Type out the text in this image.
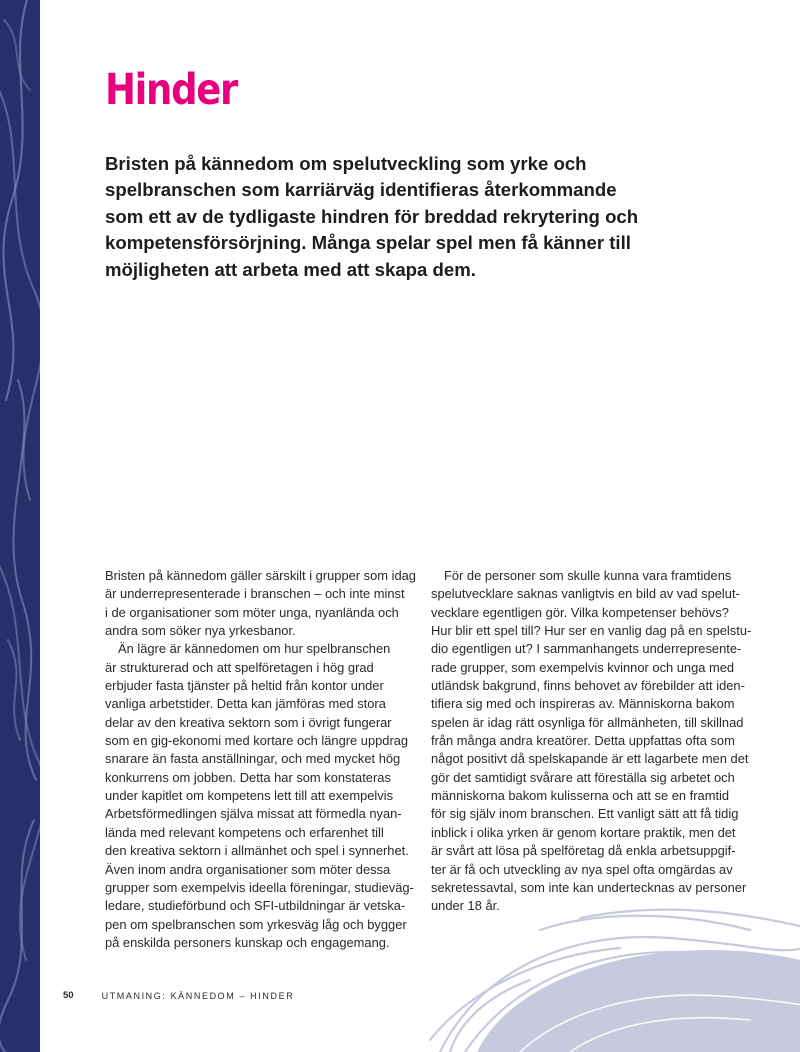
Hinder

Bristen på kännedom om spelutveckling som yrke och
spelbranschen som karriärväg identifieras återkommande
som ett av de tydligaste hindren för breddad rekrytering och
kompetensförsörjning. Många spelar spel men få känner till
möjligheten att arbeta med att skapa dem.

Bristen på kännedom gäller särskilt i grupper som idag
är underrepresenterade i branschen – och inte minst
i de organisationer som möter unga, nyanlända och
andra som söker nya yrkesbanor.
Än lägre är kännedomen om hur spelbranschen
är strukturerad och att spelföretagen i hög grad
erbjuder fasta tjänster på heltid från kontor under
vanliga arbetstider. Detta kan jämföras med stora
delar av den kreativa sektorn som i övrigt fungerar
som en gig-ekonomi med kortare och längre uppdrag
snarare än fasta anställningar, och med mycket hög
konkurrens om jobben. Detta har som konstateras
under kapitlet om kompetens lett till att exempelvis
Arbetsförmedlingen själva missat att förmedla nyan-
lända med relevant kompetens och erfarenhet till
den kreativa sektorn i allmänhet och spel i synnerhet.
Även inom andra organisationer som möter dessa
grupper som exempelvis ideella föreningar, studieväg-
ledare, studieförbund och SFI-utbildningar är vetska-
pen om spelbranschen som yrkesväg låg och bygger
på enskilda personers kunskap och engagemang.
För de personer som skulle kunna vara framtidens
spelutvecklare saknas vanligtvis en bild av vad spelut-
vecklare egentligen gör. Vilka kompetenser behövs?
Hur blir ett spel till? Hur ser en vanlig dag på en spelstu-
dio egentligen ut? I sammanhangets underrepresente-
rade grupper, som exempelvis kvinnor och unga med
utländsk bakgrund, finns behovet av förebilder att iden-
tifiera sig med och inspireras av. Människorna bakom
spelen är idag rätt osynliga för allmänheten, till skillnad
från många andra kreatörer. Detta uppfattas ofta som
något positivt då spelskapande är ett lagarbete men det
gör det samtidigt svårare att föreställa sig arbetet och
människorna bakom kulisserna och att se en framtid
för sig själv inom branschen. Ett vanligt sätt att få tidig
inblick i olika yrken är genom kortare praktik, men det
är svårt att lösa på spelföretag då enkla arbetsuppgif-
ter är få och utveckling av nya spel ofta omgärdas av
sekretessavtal, som inte kan undertecknas av personer
under 18 år.
50	UTMANING: KÄNNEDOM – HINDER
